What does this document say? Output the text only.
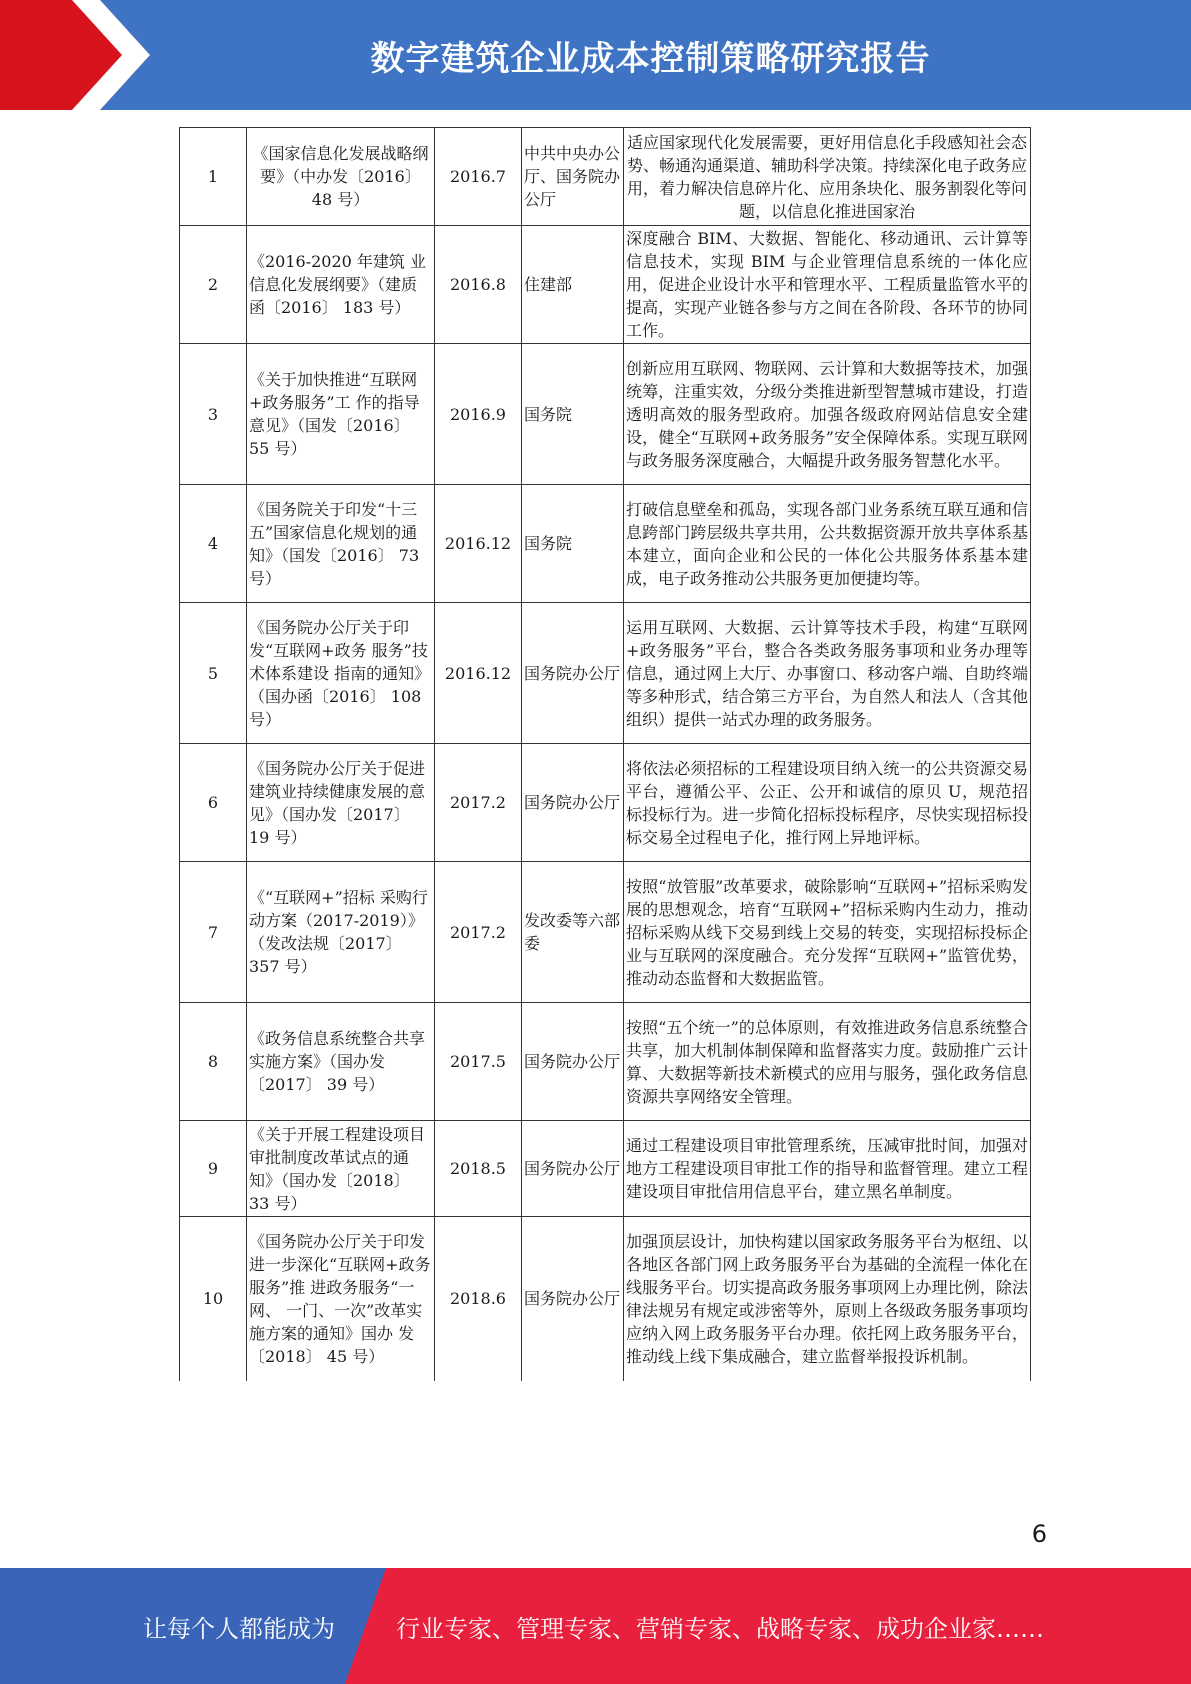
数字建筑企业成本控制策略研究报告
1	《国家信息化发展战略纲要》（中办发〔2016〕 48 号）	2016.7	中共中央办公厅、国务院办公厅	适应国家现代化发展需要，更好用信息化手段感知社会态势、畅通沟通渠道、辅助科学决策。持续深化电子政务应用，着力解决信息碎片化、应用条块化、服务割裂化等问题，以信息化推进国家治
2	《2016-2020 年建筑 业信息化发展纲要》（建质函〔2016〕 183 号）	2016.8	住建部	深度融合 BIM、大数据、智能化、移动通讯、云计算等信息技术，实现 BIM 与企业管理信息系统的一体化应用，促进企业设计水平和管理水平、工程质量监管水平的提高，实现产业链各参与方之间在各阶段、各环节的协同工作。
3	《关于加快推进“互联网+政务服务”工 作的指导意见》（国发〔2016〕 55 号）	2016.9	国务院	创新应用互联网、物联网、云计算和大数据等技术，加强统筹，注重实效，分级分类推进新型智慧城市建设，打造透明高效的服务型政府。加强各级政府网站信息安全建设，健全“互联网+政务服务”安全保障体系。实现互联网与政务服务深度融合，大幅提升政务服务智慧化水平。
4	《国务院关于印发“十三五”国家信息化规划的通知》（国发〔2016〕 73 号）	2016.12	国务院	打破信息壁垒和孤岛，实现各部门业务系统互联互通和信息跨部门跨层级共享共用，公共数据资源开放共享体系基本建立，面向企业和公民的一体化公共服务体系基本建成，电子政务推动公共服务更加便捷均等。
5	《国务院办公厅关于印发“互联网+政务 服务”技术体系建设 指南的通知》（国办函〔2016〕 108 号）	2016.12	国务院办公厅	运用互联网、大数据、云计算等技术手段，构建“互联网+政务服务”平台，整合各类政务服务事项和业务办理等信息，通过网上大厅、办事窗口、移动客户端、自助终端等多种形式，结合第三方平台，为自然人和法人（含其他组织）提供一站式办理的政务服务。
6	《国务院办公厅关于促进建筑业持续健康发展的意见》（国办发〔2017〕 19 号）	2017.2	国务院办公厅	将依法必须招标的工程建设项目纳入统一的公共资源交易平台，遵循公平、公正、公开和诚信的原贝 U，规范招标投标行为。进一步简化招标投标程序，尽快实现招标投标交易全过程电子化，推行网上异地评标。
7	《“互联网+”招标 采购行动方案（2017-2019）》（发改法规〔2017〕 357 号）	2017.2	发改委等六部委	按照“放管服”改革要求，破除影响“互联网+”招标采购发展的思想观念，培育“互联网+”招标采购内生动力，推动招标采购从线下交易到线上交易的转变，实现招标投标企业与互联网的深度融合。充分发挥“互联网+”监管优势，推动动态监督和大数据监管。
8	《政务信息系统整合共享实施方案》（国办发〔2017〕 39 号）	2017.5	国务院办公厅	按照“五个统一”的总体原则，有效推进政务信息系统整合共享，加大机制体制保障和监督落实力度。鼓励推广云计算、大数据等新技术新模式的应用与服务，强化政务信息资源共享网络安全管理。
9	《关于开展工程建设项目审批制度改革试点的通知》（国办发〔2018〕 33 号）	2018.5	国务院办公厅	通过工程建设项目审批管理系统，压减审批时间，加强对地方工程建设项目审批工作的指导和监督管理。建立工程建设项目审批信用信息平台，建立黑名单制度。
10	《国务院办公厅关于印发进一步深化“互联网+政务服务”推 进政务服务“一网、 一门、一次”改革实 施方案的通知》国办 发〔2018〕 45 号）	2018.6	国务院办公厅	加强顶层设计，加快构建以国家政务服务平台为枢纽、以各地区各部门网上政务服务平台为基础的全流程一体化在线服务平台。切实提高政务服务事项网上办理比例，除法律法规另有规定或涉密等外，原则上各级政务服务事项均应纳入网上政务服务平台办理。依托网上政务服务平台，推动线上线下集成融合，建立监督举报投诉机制。
6
让每个人都能成为	行业专家、管理专家、营销专家、战略专家、成功企业家……
